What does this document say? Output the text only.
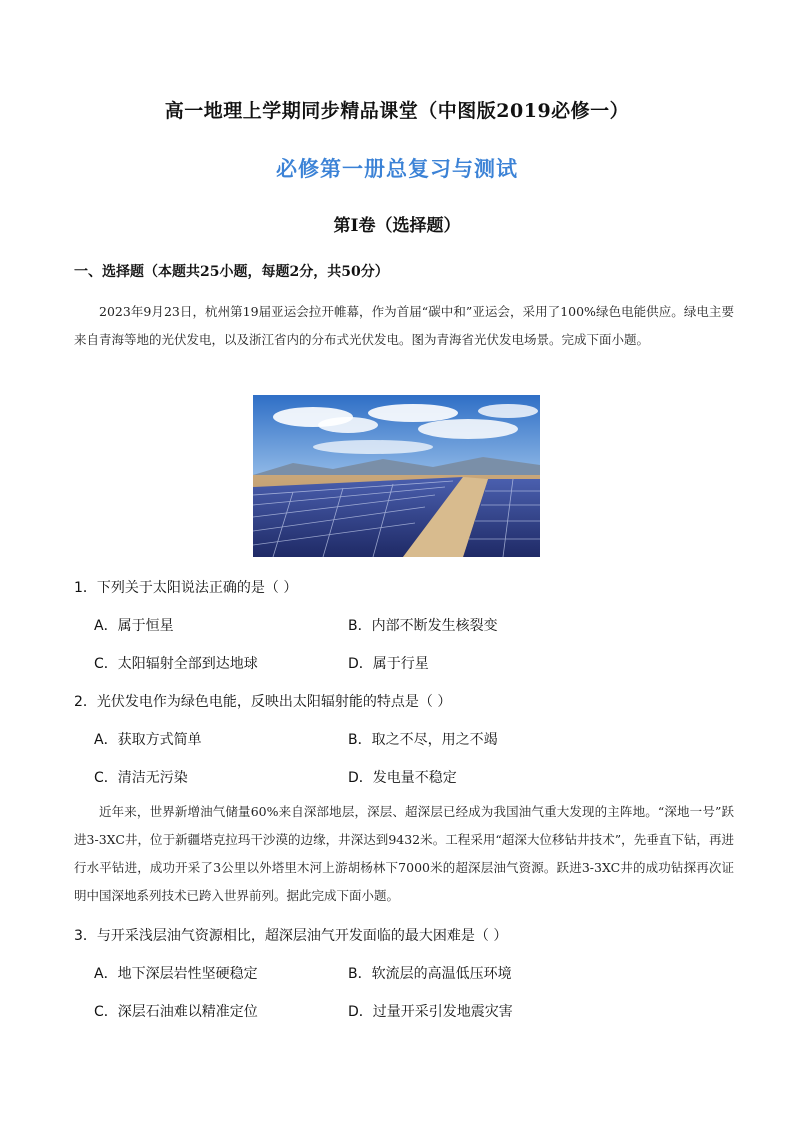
高一地理上学期同步精品课堂（中图版2019必修一）
必修第一册总复习与测试
第I卷（选择题）
一、选择题（本题共25小题，每题2分，共50分）

2023年9月23日，杭州第19届亚运会拉开帷幕，作为首届“碳中和”亚运会，采用了100%绿色电能供应。绿电主要来自青海等地的光伏发电，以及浙江省内的分布式光伏发电。图为青海省光伏发电场景。完成下面小题。

1．下列关于太阳说法正确的是（ ）
A．属于恒星	B．内部不断发生核裂变
C．太阳辐射全部到达地球	D．属于行星
2．光伏发电作为绿色电能，反映出太阳辐射能的特点是（ ）
A．获取方式简单	B．取之不尽，用之不竭
C．清洁无污染	D．发电量不稳定

近年来，世界新增油气储量60%来自深部地层，深层、超深层已经成为我国油气重大发现的主阵地。“深地一号”跃进3-3XC井，位于新疆塔克拉玛干沙漠的边缘，井深达到9432米。工程采用“超深大位移钻井技术”，先垂直下钻，再进行水平钻进，成功开采了3公里以外塔里木河上游胡杨林下7000米的超深层油气资源。跃进3-3XC井的成功钻探再次证明中国深地系列技术已跨入世界前列。据此完成下面小题。

3．与开采浅层油气资源相比，超深层油气开发面临的最大困难是（ ）
A．地下深层岩性坚硬稳定	B．软流层的高温低压环境
C．深层石油难以精准定位	D．过量开采引发地震灾害
